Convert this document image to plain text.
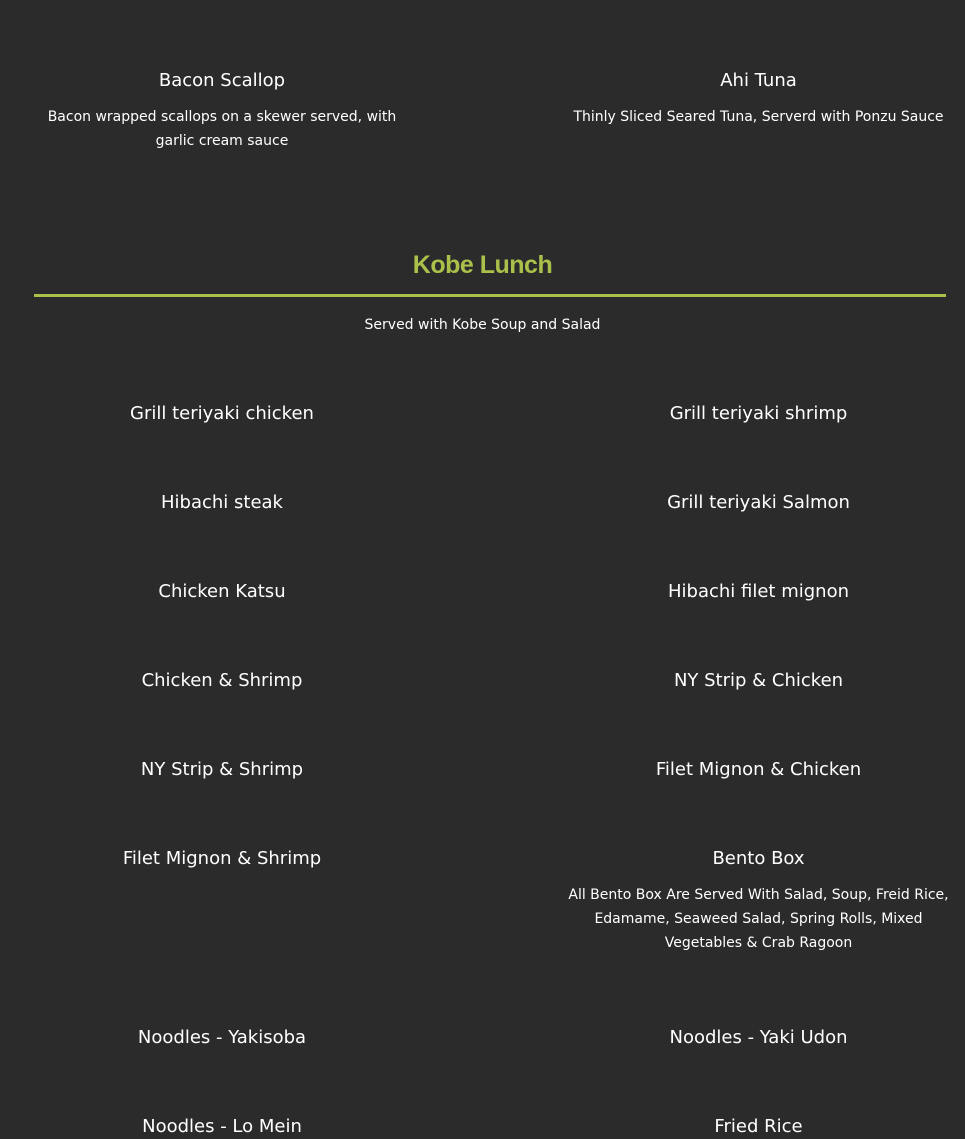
Bacon Scallop

Bacon wrapped scallops on a skewer served, with garlic cream sauce

Ahi Tuna

Thinly Sliced Seared Tuna, Serverd with Ponzu Sauce

Kobe Lunch
Served with Kobe Soup and Salad
Grill teriyaki chicken	Grill teriyaki shrimp
Hibachi steak	Grill teriyaki Salmon
Chicken Katsu	Hibachi filet mignon
Chicken & Shrimp	NY Strip & Chicken
NY Strip & Shrimp	Filet Mignon & Chicken
Filet Mignon & Shrimp	Bento Box

All Bento Box Are Served With Salad, Soup, Freid Rice, Edamame, Seaweed Salad, Spring Rolls, Mixed Vegetables & Crab Ragoon

Noodles - Yakisoba	Noodles - Yaki Udon
Noodles - Lo Mein	Fried Rice
